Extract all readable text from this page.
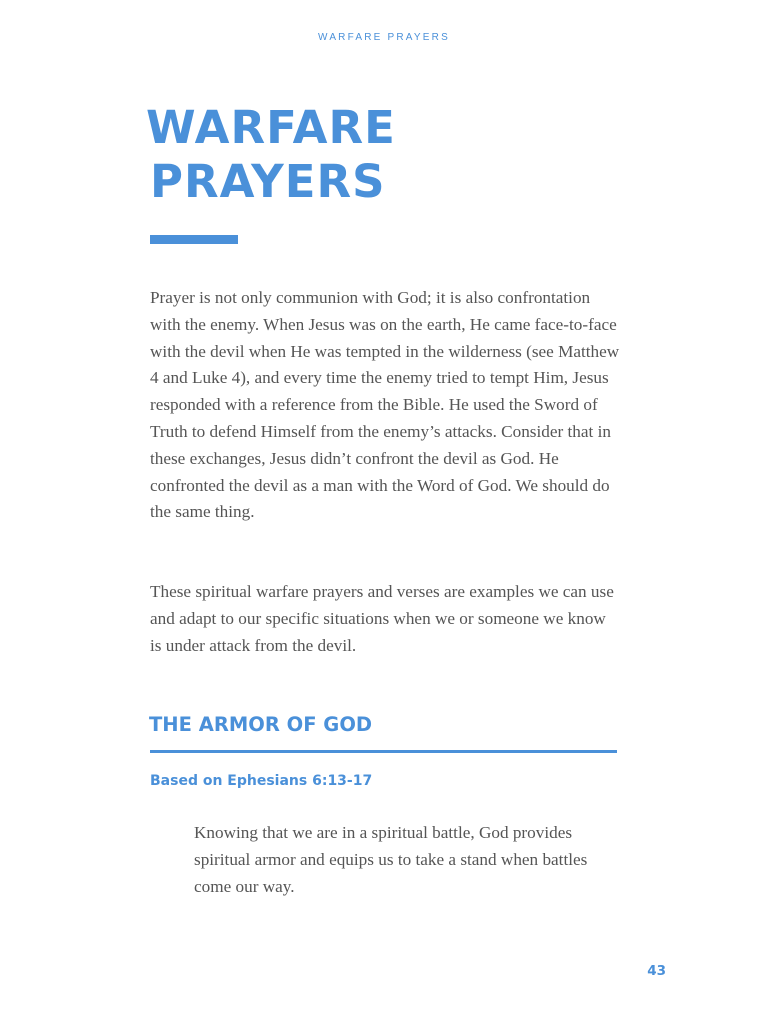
WARFARE PRAYERS
WARFARE
PRAYERS

Prayer is not only communion with God; it is also confrontation with the enemy. When Jesus was on the earth, He came face-to-face with the devil when He was tempted in the wilderness (see Matthew 4 and Luke 4), and every time the enemy tried to tempt Him, Jesus responded with a reference from the Bible. He used the Sword of Truth to defend Himself from the enemy’s attacks. Consider that in these exchanges, Jesus didn’t confront the devil as God. He confronted the devil as a man with the Word of God. We should do the same thing.

These spiritual warfare prayers and verses are examples we can use and adapt to our specific situations when we or someone we know is under attack from the devil.

THE ARMOR OF GOD
Based on Ephesians 6:13-17

Knowing that we are in a spiritual battle, God provides spiritual armor and equips us to take a stand when battles come our way.

43
